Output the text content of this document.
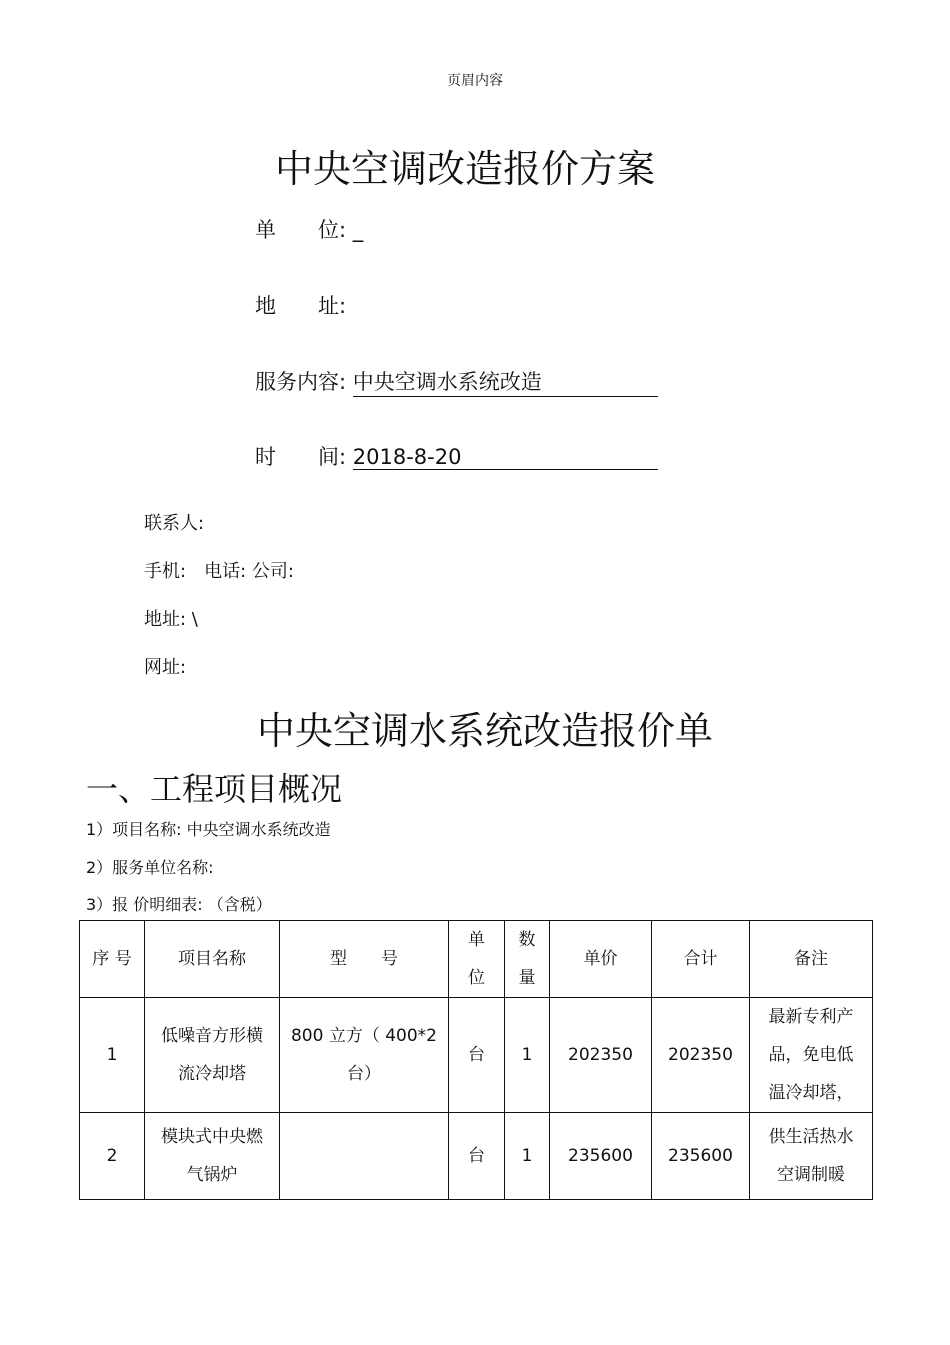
页眉内容
中央空调改造报价方案
单　　位: _
地　　址:
服务内容: 中央空调水系统改造
时　　间: 2018-8-20
联系人:
手机:　电话: 公司:
地址: \
网址:
中央空调水系统改造报价单
一、工程项目概况
1）项目名称: 中央空调水系统改造
2）服务单位名称:
3）报 价明细表: （含税）
序 号	项目名称	型　　号	单位	数量	单价	合计	备注
1	低噪音方形横流冷却塔	800 立方（ 400*2台）	台	1	202350	202350	最新专利产品，免电低温冷却塔，
2	模块式中央燃气锅炉		台	1	235600	235600	供生活热水空调制暖
